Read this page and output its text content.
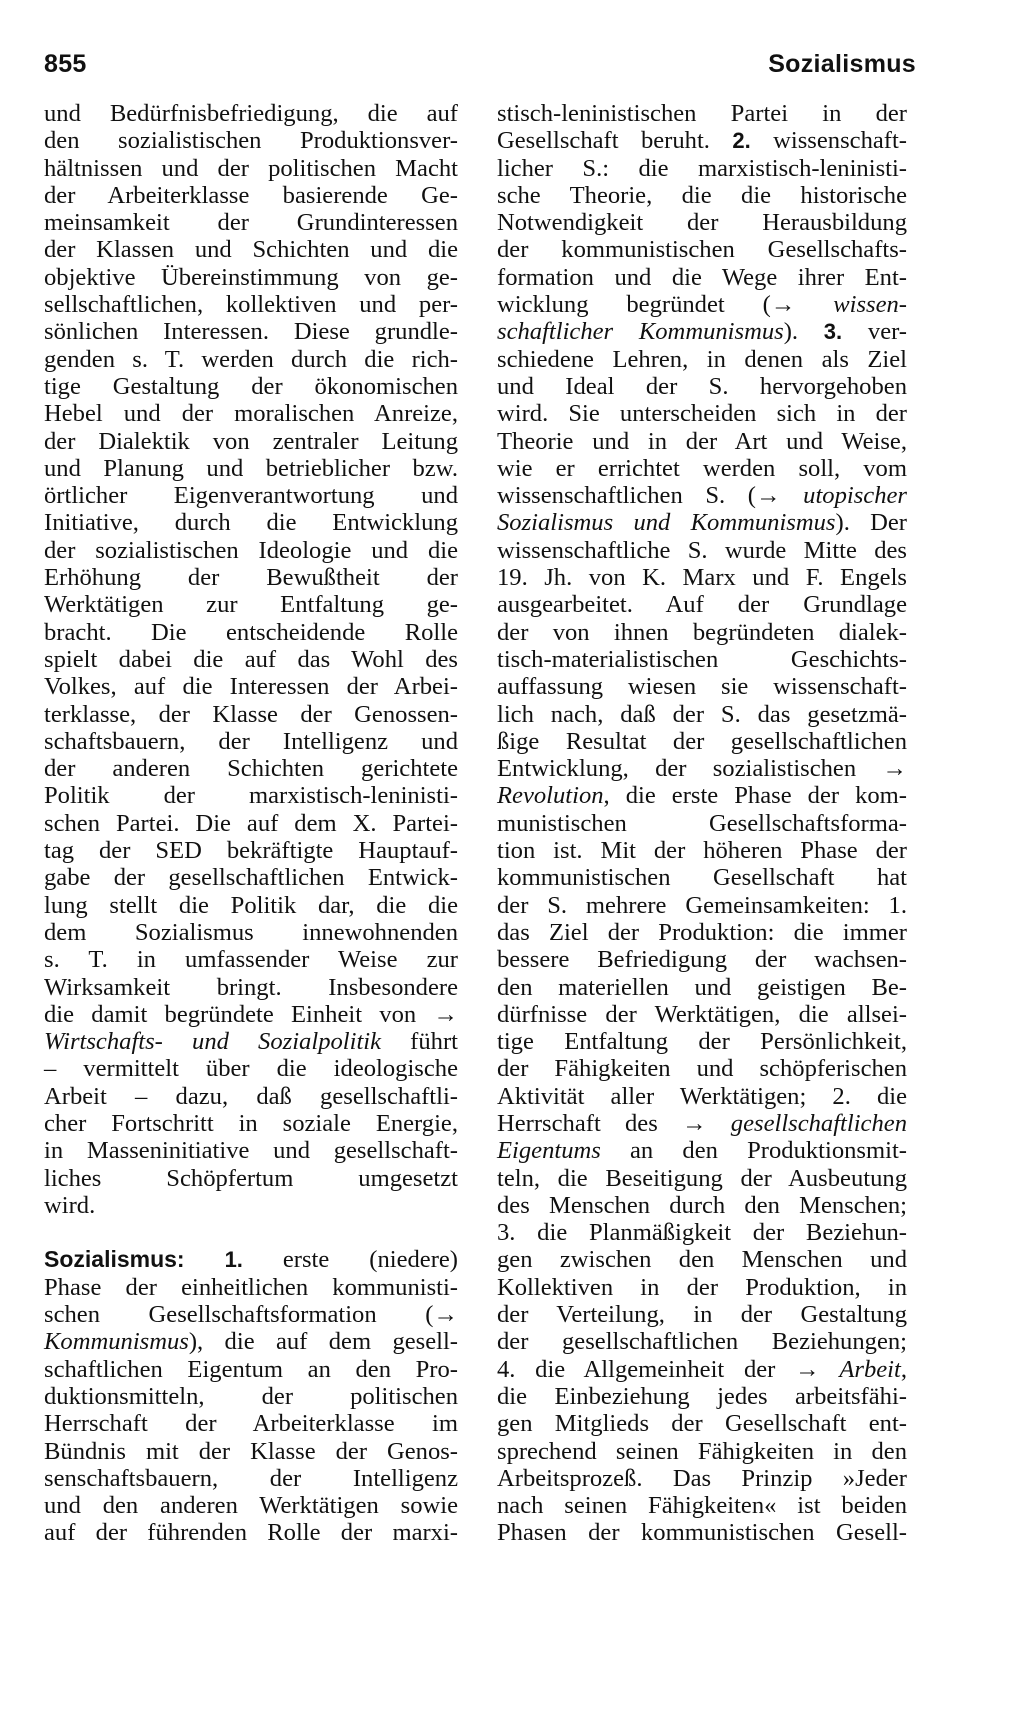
855	Sozialismus
und Bedürfnisbefriedigung, die auf
den sozialistischen Produktionsver-
hältnissen und der politischen Macht
der Arbeiterklasse basierende Ge-
meinsamkeit der Grundinteressen
der Klassen und Schichten und die
objektive Übereinstimmung von ge-
sellschaftlichen, kollektiven und per-
sönlichen Interessen. Diese grundle-
genden s. T. werden durch die rich-
tige Gestaltung der ökonomischen
Hebel und der moralischen Anreize,
der Dialektik von zentraler Leitung
und Planung und betrieblicher bzw.
örtlicher Eigenverantwortung und
Initiative, durch die Entwicklung
der sozialistischen Ideologie und die
Erhöhung der Bewußtheit der
Werktätigen zur Entfaltung ge-
bracht. Die entscheidende Rolle
spielt dabei die auf das Wohl des
Volkes, auf die Interessen der Arbei-
terklasse, der Klasse der Genossen-
schaftsbauern, der Intelligenz und
der anderen Schichten gerichtete
Politik der marxistisch-leninisti-
schen Partei. Die auf dem X. Partei-
tag der SED bekräftigte Hauptauf-
gabe der gesellschaftlichen Entwick-
lung stellt die Politik dar, die die
dem Sozialismus innewohnenden
s. T. in umfassender Weise zur
Wirksamkeit bringt. Insbesondere
die damit begründete Einheit von →
Wirtschafts- und Sozialpolitik führt
– vermittelt über die ideologische
Arbeit – dazu, daß gesellschaftli-
cher Fortschritt in soziale Energie,
in Masseninitiative und gesellschaft-
liches Schöpfertum umgesetzt
wird.
Sozialismus: 1. erste (niedere)
Phase der einheitlichen kommunisti-
schen Gesellschaftsformation (→
Kommunismus), die auf dem gesell-
schaftlichen Eigentum an den Pro-
duktionsmitteln, der politischen
Herrschaft der Arbeiterklasse im
Bündnis mit der Klasse der Genos-
senschaftsbauern, der Intelligenz
und den anderen Werktätigen sowie
auf der führenden Rolle der marxi-
stisch-leninistischen Partei in der
Gesellschaft beruht. 2. wissenschaft-
licher S.: die marxistisch-leninisti-
sche Theorie, die die historische
Notwendigkeit der Herausbildung
der kommunistischen Gesellschafts-
formation und die Wege ihrer Ent-
wicklung begründet (→ wissen-
schaftlicher Kommunismus). 3. ver-
schiedene Lehren, in denen als Ziel
und Ideal der S. hervorgehoben
wird. Sie unterscheiden sich in der
Theorie und in der Art und Weise,
wie er errichtet werden soll, vom
wissenschaftlichen S. (→ utopischer
Sozialismus und Kommunismus). Der
wissenschaftliche S. wurde Mitte des
19. Jh. von K. Marx und F. Engels
ausgearbeitet. Auf der Grundlage
der von ihnen begründeten dialek-
tisch-materialistischen Geschichts-
auffassung wiesen sie wissenschaft-
lich nach, daß der S. das gesetzmä-
ßige Resultat der gesellschaftlichen
Entwicklung, der sozialistischen →
Revolution, die erste Phase der kom-
munistischen Gesellschaftsforma-
tion ist. Mit der höheren Phase der
kommunistischen Gesellschaft hat
der S. mehrere Gemeinsamkeiten: 1.
das Ziel der Produktion: die immer
bessere Befriedigung der wachsen-
den materiellen und geistigen Be-
dürfnisse der Werktätigen, die allsei-
tige Entfaltung der Persönlichkeit,
der Fähigkeiten und schöpferischen
Aktivität aller Werktätigen; 2. die
Herrschaft des → gesellschaftlichen
Eigentums an den Produktionsmit-
teln, die Beseitigung der Ausbeutung
des Menschen durch den Menschen;
3. die Planmäßigkeit der Beziehun-
gen zwischen den Menschen und
Kollektiven in der Produktion, in
der Verteilung, in der Gestaltung
der gesellschaftlichen Beziehungen;
4. die Allgemeinheit der → Arbeit,
die Einbeziehung jedes arbeitsfähi-
gen Mitglieds der Gesellschaft ent-
sprechend seinen Fähigkeiten in den
Arbeitsprozeß. Das Prinzip »Jeder
nach seinen Fähigkeiten« ist beiden
Phasen der kommunistischen Gesell-
